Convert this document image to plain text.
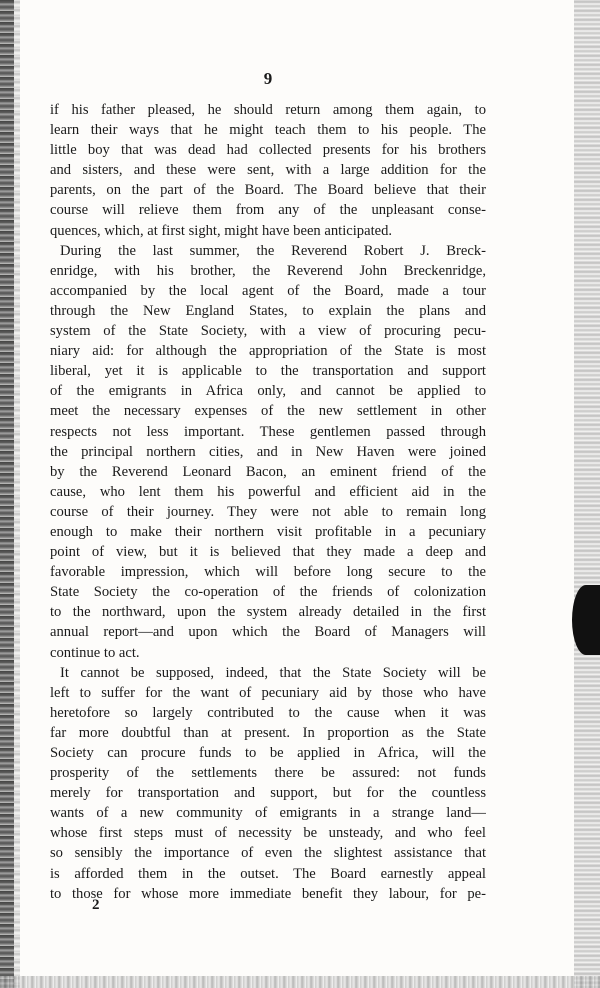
9
if his father pleased, he should return among them again, to
learn their ways that he might teach them to his people. The
little boy that was dead had collected presents for his brothers
and sisters, and these were sent, with a large addition for the
parents, on the part of the Board. The Board believe that their
course will relieve them from any of the unpleasant conse-
quences, which, at first sight, might have been anticipated.
During the last summer, the Reverend Robert J. Breck-
enridge, with his brother, the Reverend John Breckenridge,
accompanied by the local agent of the Board, made a tour
through the New England States, to explain the plans and
system of the State Society, with a view of procuring pecu-
niary aid: for although the appropriation of the State is most
liberal, yet it is applicable to the transportation and support
of the emigrants in Africa only, and cannot be applied to
meet the necessary expenses of the new settlement in other
respects not less important. These gentlemen passed through
the principal northern cities, and in New Haven were joined
by the Reverend Leonard Bacon, an eminent friend of the
cause, who lent them his powerful and efficient aid in the
course of their journey. They were not able to remain long
enough to make their northern visit profitable in a pecuniary
point of view, but it is believed that they made a deep and
favorable impression, which will before long secure to the
State Society the co-operation of the friends of colonization
to the northward, upon the system already detailed in the first
annual report—and upon which the Board of Managers will
continue to act.
It cannot be supposed, indeed, that the State Society will be
left to suffer for the want of pecuniary aid by those who have
heretofore so largely contributed to the cause when it was
far more doubtful than at present. In proportion as the State
Society can procure funds to be applied in Africa, will the
prosperity of the settlements there be assured: not funds
merely for transportation and support, but for the countless
wants of a new community of emigrants in a strange land—
whose first steps must of necessity be unsteady, and who feel
so sensibly the importance of even the slightest assistance that
is afforded them in the outset. The Board earnestly appeal
to those for whose more immediate benefit they labour, for pe-
2
